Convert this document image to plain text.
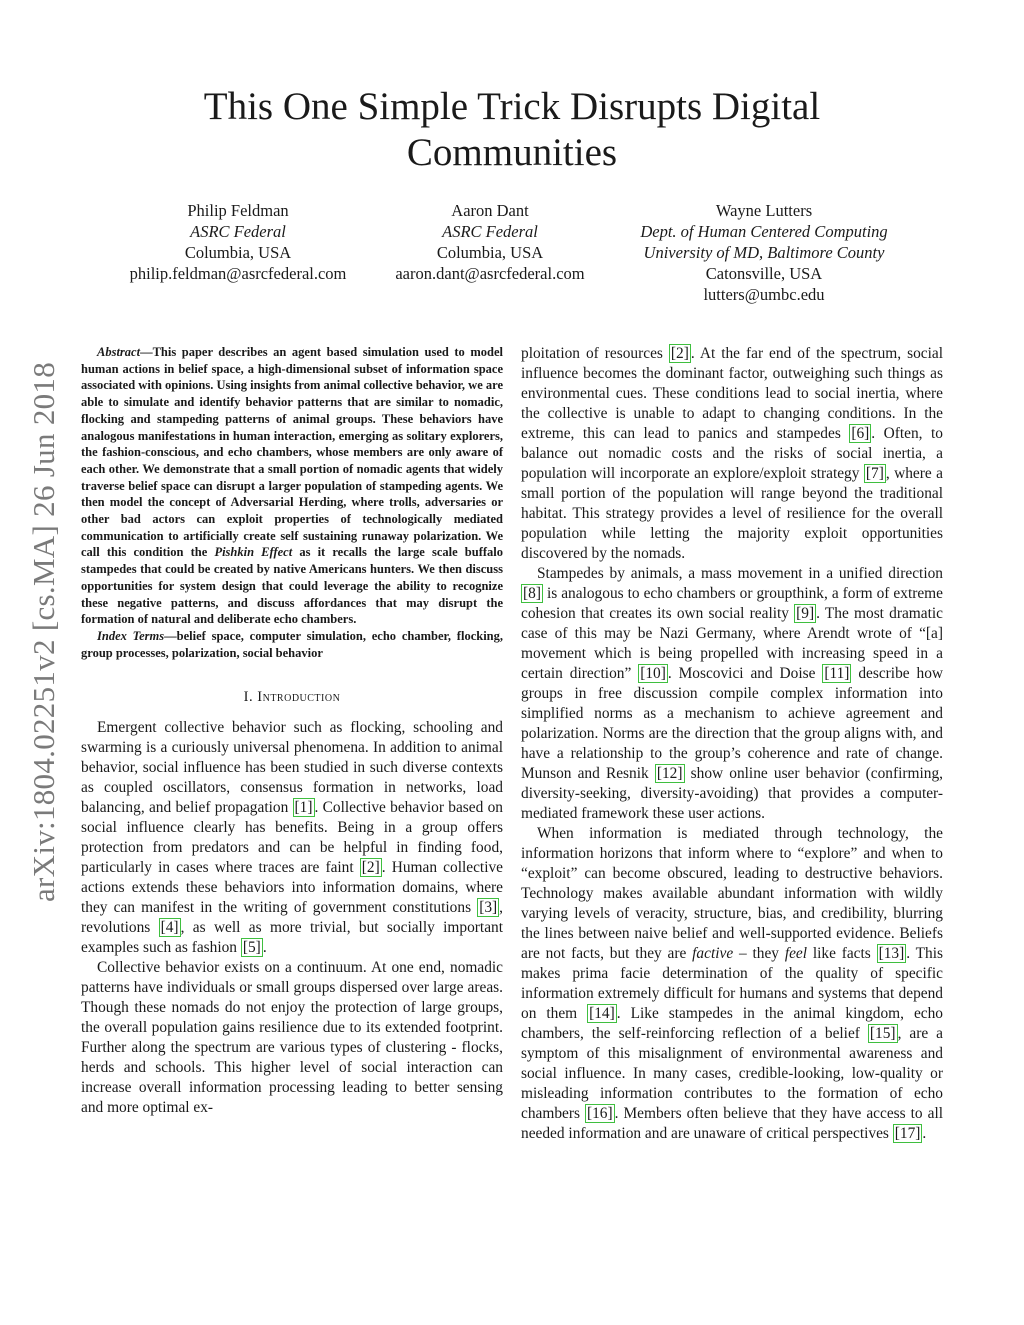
arXiv:1804.02251v2 [cs.MA] 26 Jun 2018
This One Simple Trick Disrupts Digital Communities
Philip Feldman
ASRC Federal
Columbia, USA
philip.feldman@asrcfederal.com
Aaron Dant
ASRC Federal
Columbia, USA
aaron.dant@asrcfederal.com
Wayne Lutters
Dept. of Human Centered Computing
University of MD, Baltimore County
Catonsville, USA
lutters@umbc.edu

Abstract—This paper describes an agent based simulation used to model human actions in belief space, a high-dimensional subset of information space associated with opinions. Using insights from animal collective behavior, we are able to simulate and identify behavior patterns that are similar to nomadic, flocking and stampeding patterns of animal groups. These behaviors have analogous manifestations in human interaction, emerging as solitary explorers, the fashion-conscious, and echo chambers, whose members are only aware of each other. We demonstrate that a small portion of nomadic agents that widely traverse belief space can disrupt a larger population of stampeding agents. We then model the concept of Adversarial Herding, where trolls, adversaries or other bad actors can exploit properties of technologically mediated communication to artificially create self sustaining runaway polarization. We call this condition the Pishkin Effect as it recalls the large scale buffalo stampedes that could be created by native Americans hunters. We then discuss opportunities for system design that could leverage the ability to recognize these negative patterns, and discuss affordances that may disrupt the formation of natural and deliberate echo chambers.

Index Terms—belief space, computer simulation, echo chamber, flocking, group processes, polarization, social behavior

I. Introduction

Emergent collective behavior such as flocking, schooling and swarming is a curiously universal phenomena. In addition to animal behavior, social influence has been studied in such diverse contexts as coupled oscillators, consensus formation in networks, load balancing, and belief propagation [1] . Collective behavior based on social influence clearly has benefits. Being in a group offers protection from predators and can be helpful in finding food, particularly in cases where traces are faint [2] . Human collective actions extends these behaviors into information domains, where they can manifest in the writing of government constitutions [3] , revolutions [4] , as well as more trivial, but socially important examples such as fashion [5] .

Collective behavior exists on a continuum. At one end, nomadic patterns have individuals or small groups dispersed over large areas. Though these nomads do not enjoy the protection of large groups, the overall population gains resilience due to its extended footprint. Further along the spectrum are various types of clustering - flocks, herds and schools. This higher level of social interaction can increase overall information processing leading to better sensing and more optimal ex-

ploitation of resources [2] . At the far end of the spectrum, social influence becomes the dominant factor, outweighing such things as environmental cues. These conditions lead to social inertia, where the collective is unable to adapt to changing conditions. In the extreme, this can lead to panics and stampedes [6] . Often, to balance out nomadic costs and the risks of social inertia, a population will incorporate an explore/exploit strategy [7] , where a small portion of the population will range beyond the traditional habitat. This strategy provides a level of resilience for the overall population while letting the majority exploit opportunities discovered by the nomads.

Stampedes by animals, a mass movement in a unified direction [8] is analogous to echo chambers or groupthink, a form of extreme cohesion that creates its own social reality [9] . The most dramatic case of this may be Nazi Germany, where Arendt wrote of “[a] movement which is being propelled with increasing speed in a certain direction” [10] . Moscovici and Doise [11] describe how groups in free discussion compile complex information into simplified norms as a mechanism to achieve agreement and polarization. Norms are the direction that the group aligns with, and have a relationship to the group’s coherence and rate of change. Munson and Resnik [12] show online user behavior (confirming, diversity-seeking, diversity-avoiding) that provides a computer-mediated framework these user actions.

When information is mediated through technology, the information horizons that inform where to “explore” and when to “exploit” can become obscured, leading to destructive behaviors. Technology makes available abundant information with wildly varying levels of veracity, structure, bias, and credibility, blurring the lines between naive belief and well-supported evidence. Beliefs are not facts, but they are factive – they feel like facts [13] . This makes prima facie determination of the quality of specific information extremely difficult for humans and systems that depend on them [14] . Like stampedes in the animal kingdom, echo chambers, the self-reinforcing reflection of a belief [15] , are a symptom of this misalignment of environmental awareness and social influence. In many cases, credible-looking, low-quality or misleading information contributes to the formation of echo chambers [16] . Members often believe that they have access to all needed information and are unaware of critical perspectives [17] .
